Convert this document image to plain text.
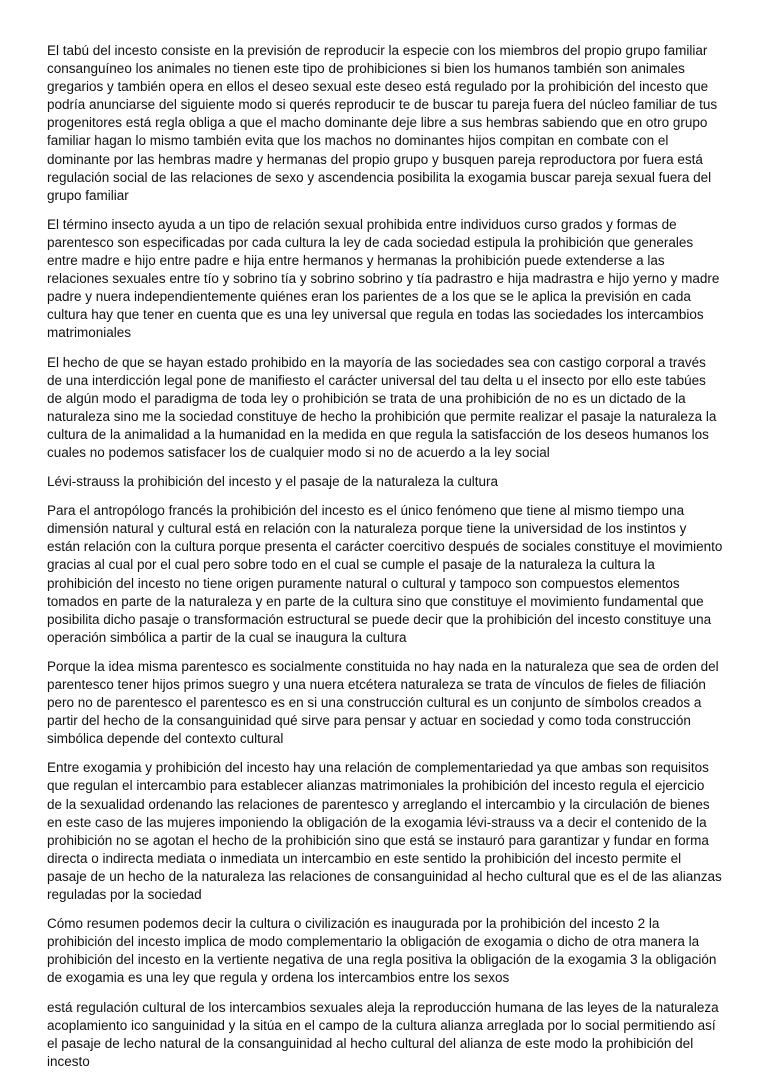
El tabú del incesto consiste en la previsión de reproducir la especie con los miembros del propio grupo familiar consanguíneo los animales no tienen este tipo de prohibiciones si bien los humanos también son animales gregarios y también opera en ellos el deseo sexual este deseo está regulado por la prohibición del incesto que podría anunciarse del siguiente modo si querés reproducir te de buscar tu pareja fuera del núcleo familiar de tus progenitores está regla obliga a que el macho dominante deje libre a sus hembras sabiendo que en otro grupo familiar hagan lo mismo también evita que los machos no dominantes hijos compitan en combate con el dominante por las hembras madre y hermanas del propio grupo y busquen pareja reproductora por fuera está regulación social de las relaciones de sexo y ascendencia posibilita la exogamia buscar pareja sexual fuera del grupo familiar

El término insecto ayuda a un tipo de relación sexual prohibida entre individuos curso grados y formas de parentesco son especificadas por cada cultura la ley de cada sociedad estipula la prohibición que generales entre madre e hijo entre padre e hija entre hermanos y hermanas la prohibición puede extenderse a las relaciones sexuales entre tío y sobrino tía y sobrino sobrino y tía padrastro e hija madrastra e hijo yerno y madre padre y nuera independientemente quiénes eran los parientes de a los que se le aplica la previsión en cada cultura hay que tener en cuenta que es una ley universal que regula en todas las sociedades los intercambios matrimoniales

El hecho de que se hayan estado prohibido en la mayoría de las sociedades sea con castigo corporal a través de una interdicción legal pone de manifiesto el carácter universal del tau delta u el insecto por ello este tabúes de algún modo el paradigma de toda ley o prohibición se trata de una prohibición de no es un dictado de la naturaleza sino me la sociedad constituye de hecho la prohibición que permite realizar el pasaje la naturaleza la cultura de la animalidad a la humanidad en la medida en que regula la satisfacción de los deseos humanos los cuales no podemos satisfacer los de cualquier modo si no de acuerdo a la ley social

Lévi-strauss la prohibición del incesto y el pasaje de la naturaleza la cultura

Para el antropólogo francés la prohibición del incesto es el único fenómeno que tiene al mismo tiempo una dimensión natural y cultural está en relación con la naturaleza porque tiene la universidad de los instintos y están relación con la cultura porque presenta el carácter coercitivo después de sociales constituye el movimiento gracias al cual por el cual pero sobre todo en el cual se cumple el pasaje de la naturaleza la cultura la prohibición del incesto no tiene origen puramente natural o cultural y tampoco son compuestos elementos tomados en parte de la naturaleza y en parte de la cultura sino que constituye el movimiento fundamental que posibilita dicho pasaje o transformación estructural se puede decir que la prohibición del incesto constituye una operación simbólica a partir de la cual se inaugura la cultura

Porque la idea misma parentesco es socialmente constituida no hay nada en la naturaleza que sea de orden del parentesco tener hijos primos suegro y una nuera etcétera naturaleza se trata de vínculos de fieles de filiación pero no de parentesco el parentesco es en si una construcción cultural es un conjunto de símbolos creados a partir del hecho de la consanguinidad qué sirve para pensar y actuar en sociedad y como toda construcción simbólica depende del contexto cultural

Entre exogamia y prohibición del incesto hay una relación de complementariedad ya que ambas son requisitos que regulan el intercambio para establecer alianzas matrimoniales la prohibición del incesto regula el ejercicio de la sexualidad ordenando las relaciones de parentesco y arreglando el intercambio y la circulación de bienes en este caso de las mujeres imponiendo la obligación de la exogamia lévi-strauss va a decir el contenido de la prohibición no se agotan el hecho de la prohibición sino que está se instauró para garantizar y fundar en forma directa o indirecta mediata o inmediata un intercambio en este sentido la prohibición del incesto permite el pasaje de un hecho de la naturaleza las relaciones de consanguinidad al hecho cultural que es el de las alianzas reguladas por la sociedad

Cómo resumen podemos decir la cultura o civilización es inaugurada por la prohibición del incesto 2 la prohibición del incesto implica de modo complementario la obligación de exogamia o dicho de otra manera la prohibición del incesto en la vertiente negativa de una regla positiva la obligación de la exogamia 3 la obligación de exogamia es una ley que regula y ordena los intercambios entre los sexos

está regulación cultural de los intercambios sexuales aleja la reproducción humana de las leyes de la naturaleza acoplamiento ico sanguinidad y la sitúa en el campo de la cultura alianza arreglada por lo social permitiendo así el pasaje de lecho natural de la consanguinidad al hecho cultural del alianza de este modo la prohibición del incesto
